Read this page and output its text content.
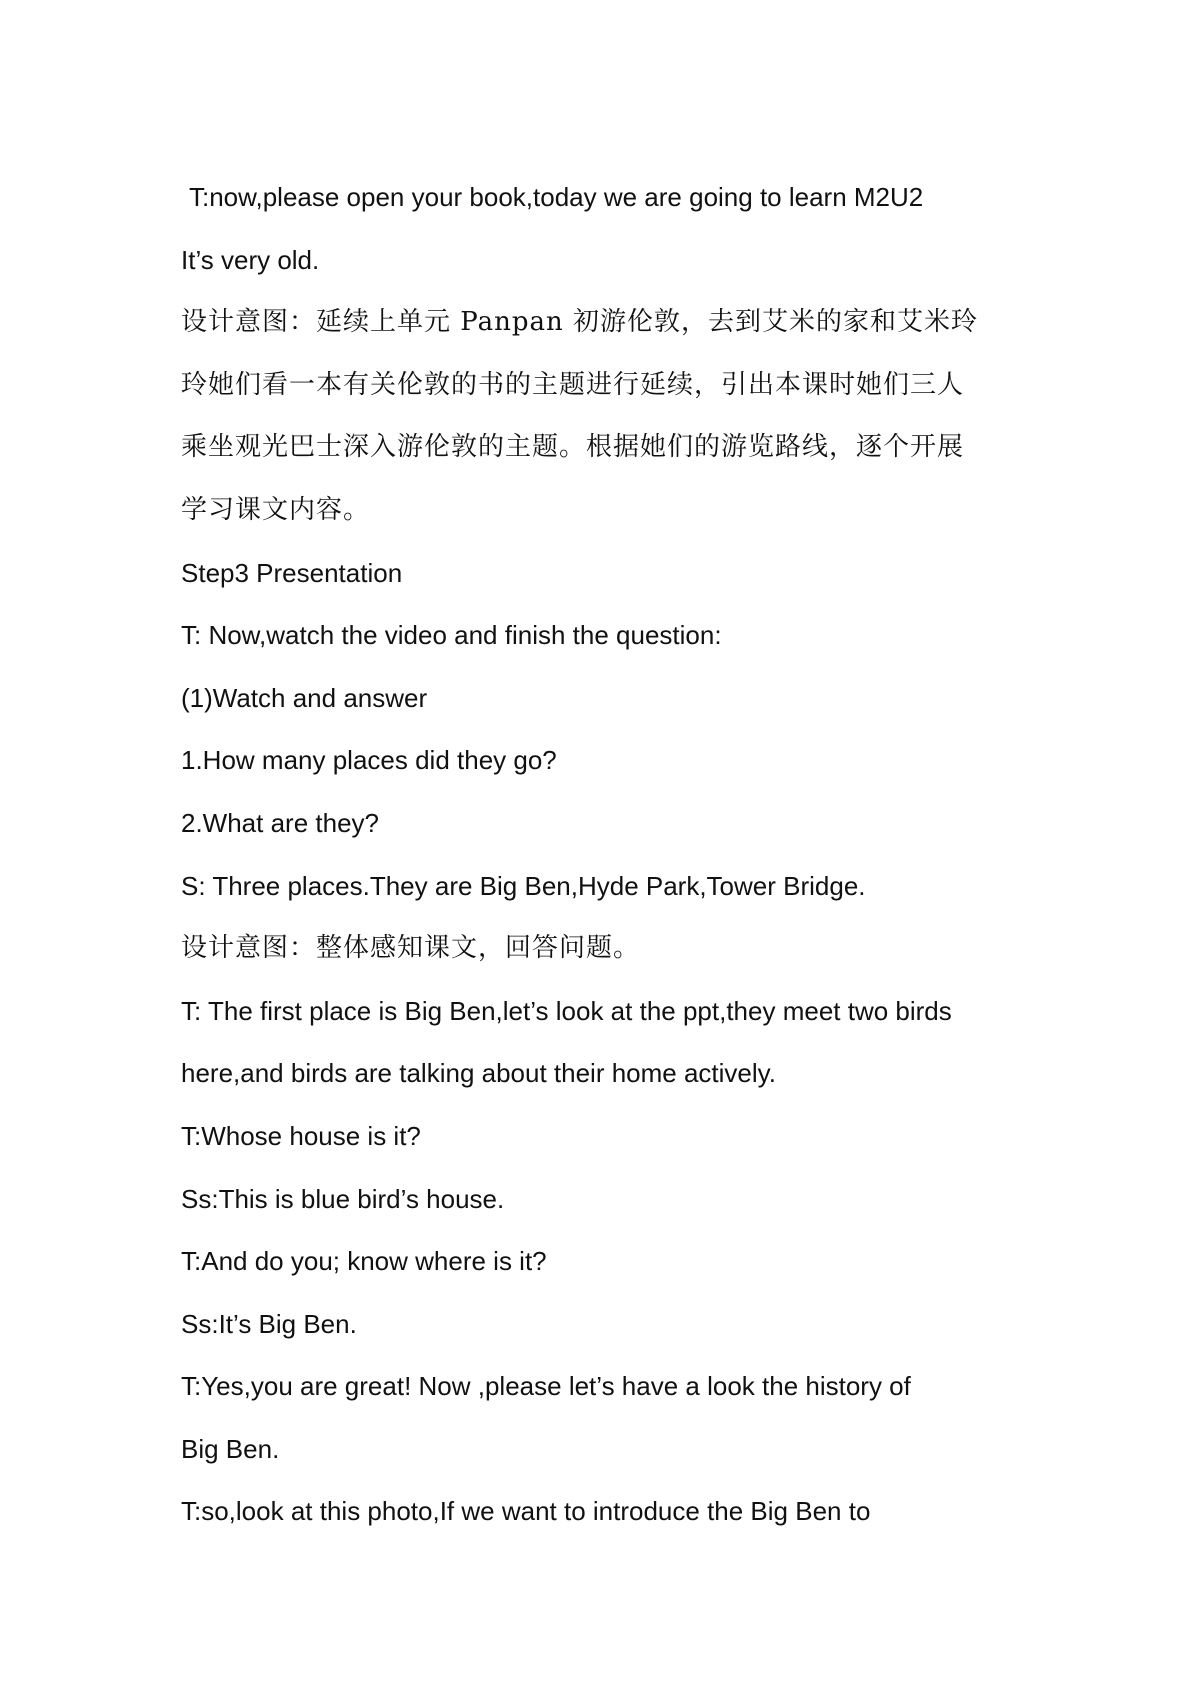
T:now,please open your book,today we are going to learn M2U2
It’s very old.
设计意图：延续上单元 Panpan 初游伦敦，去到艾米的家和艾米玲
玲她们看一本有关伦敦的书的主题进行延续，引出本课时她们三人
乘坐观光巴士深入游伦敦的主题。根据她们的游览路线，逐个开展
学习课文内容。
Step3 Presentation
T: Now,watch the video and finish the question:
(1)Watch and answer
1.How many places did they go?
2.What are they?
S: Three places.They are Big Ben,Hyde Park,Tower Bridge.
设计意图：整体感知课文，回答问题。
T: The first place is Big Ben,let’s look at the ppt,they meet two birds
here,and birds are talking about their home actively.
T:Whose house is it?
Ss:This is blue bird’s house.
T:And do you; know where is it?
Ss:It’s Big Ben.
T:Yes,you are great! Now ,please let’s have a look the history of
Big Ben.
T:so,look at this photo,If we want to introduce the Big Ben to
